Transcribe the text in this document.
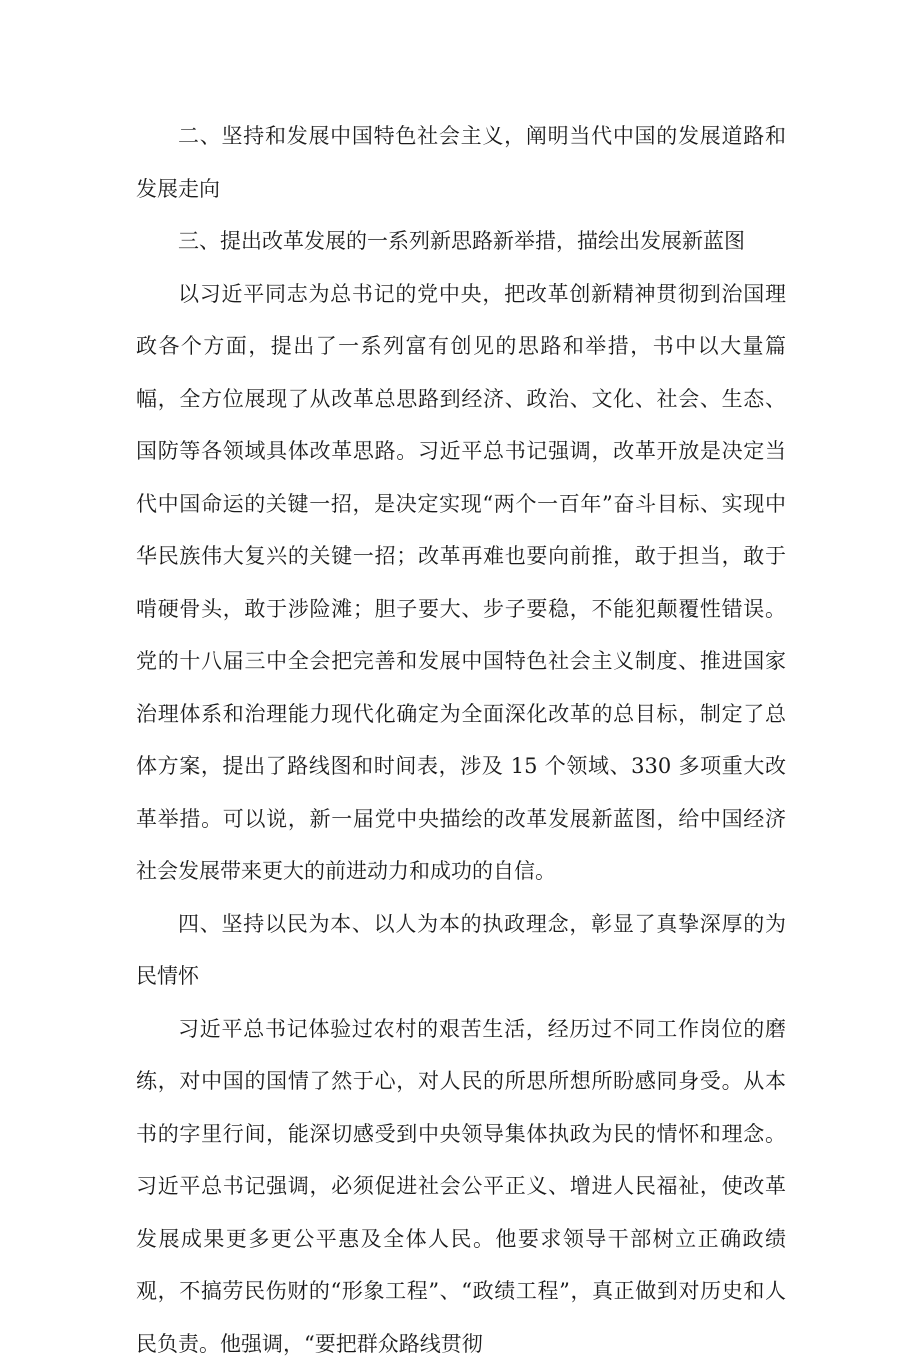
二、坚持和发展中国特色社会主义，阐明当代中国的发展道路和发展走向

三、提出改革发展的一系列新思路新举措，描绘出发展新蓝图

以习近平同志为总书记的党中央，把改革创新精神贯彻到治国理政各个方面，提出了一系列富有创见的思路和举措，书中以大量篇幅，全方位展现了从改革总思路到经济、政治、文化、社会、生态、国防等各领域具体改革思路。习近平总书记强调，改革开放是决定当代中国命运的关键一招，是决定实现“两个一百年”奋斗目标、实现中华民族伟大复兴的关键一招；改革再难也要向前推，敢于担当，敢于啃硬骨头，敢于涉险滩；胆子要大、步子要稳，不能犯颠覆性错误。党的十八届三中全会把完善和发展中国特色社会主义制度、推进国家治理体系和治理能力现代化确定为全面深化改革的总目标，制定了总体方案，提出了路线图和时间表，涉及 15 个领域、330 多项重大改革举措。可以说，新一届党中央描绘的改革发展新蓝图，给中国经济社会发展带来更大的前进动力和成功的自信。

四、坚持以民为本、以人为本的执政理念，彰显了真挚深厚的为民情怀

习近平总书记体验过农村的艰苦生活，经历过不同工作岗位的磨练，对中国的国情了然于心，对人民的所思所想所盼感同身受。从本书的字里行间，能深切感受到中央领导集体执政为民的情怀和理念。习近平总书记强调，必须促进社会公平正义、增进人民福祉，使改革发展成果更多更公平惠及全体人民。他要求领导干部树立正确政绩观，不搞劳民伤财的“形象工程”、“政绩工程”，真正做到对历史和人民负责。他强调，“要把群众路线贯彻
